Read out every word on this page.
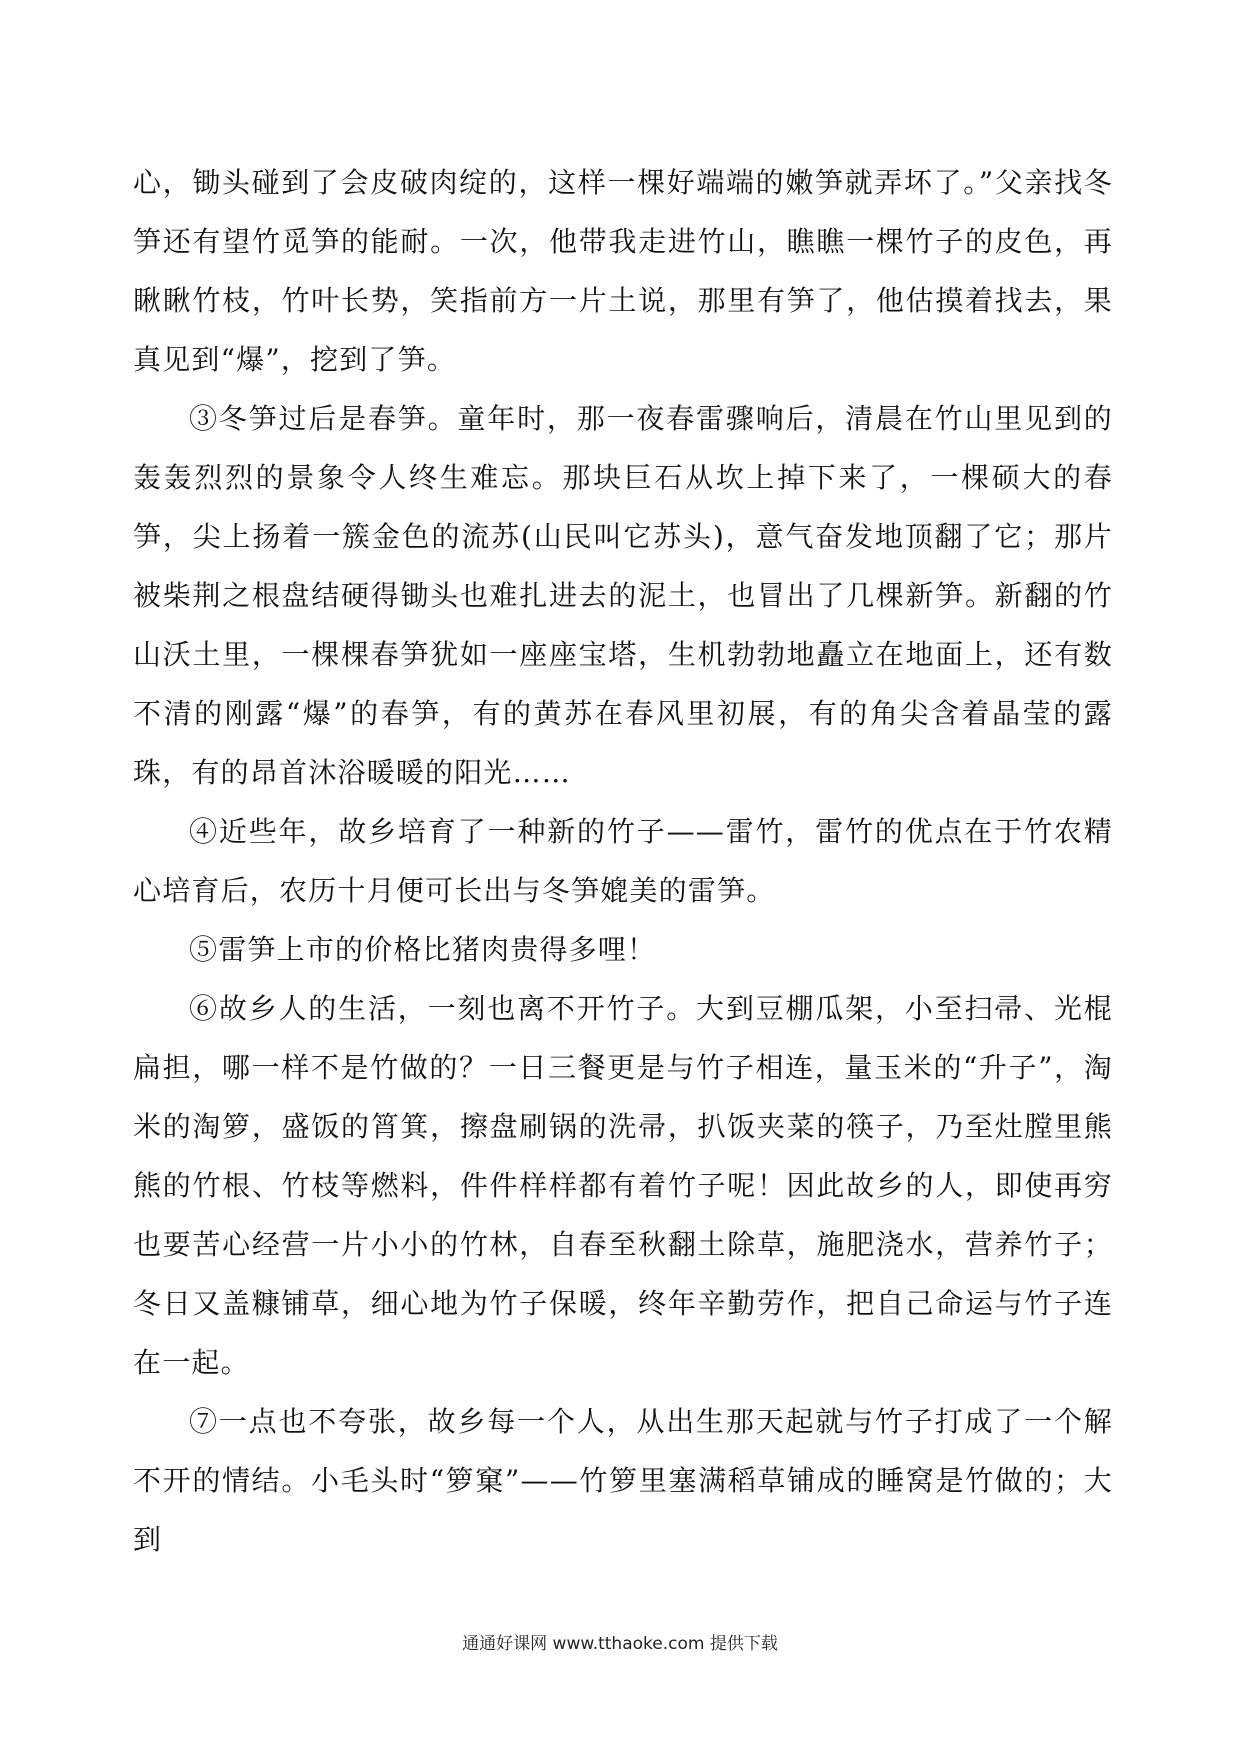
心，锄头碰到了会皮破肉绽的，这样一棵好端端的嫩笋就弄坏了。”父亲找冬笋还有望竹觅笋的能耐。一次，他带我走进竹山，瞧瞧一棵竹子的皮色，再瞅瞅竹枝，竹叶长势，笑指前方一片土说，那里有笋了，他估摸着找去，果真见到“爆”，挖到了笋。

③冬笋过后是春笋。童年时，那一夜春雷骤响后，清晨在竹山里见到的轰轰烈烈的景象令人终生难忘。那块巨石从坎上掉下来了，一棵硕大的春笋，尖上扬着一簇金色的流苏(山民叫它苏头)，意气奋发地顶翻了它；那片被柴荆之根盘结硬得锄头也难扎进去的泥土，也冒出了几棵新笋。新翻的竹山沃土里，一棵棵春笋犹如一座座宝塔，生机勃勃地矗立在地面上，还有数不清的刚露“爆”的春笋，有的黄苏在春风里初展，有的角尖含着晶莹的露珠，有的昂首沐浴暖暖的阳光……

④近些年，故乡培育了一种新的竹子——雷竹，雷竹的优点在于竹农精心培育后，农历十月便可长出与冬笋媲美的雷笋。

⑤雷笋上市的价格比猪肉贵得多哩！

⑥故乡人的生活，一刻也离不开竹子。大到豆棚瓜架，小至扫帚、光棍扁担，哪一样不是竹做的？一日三餐更是与竹子相连，量玉米的“升子”，淘米的淘箩，盛饭的筲箕，擦盘刷锅的洗帚，扒饭夹菜的筷子，乃至灶膛里熊熊的竹根、竹枝等燃料，件件样样都有着竹子呢！因此故乡的人，即使再穷也要苦心经营一片小小的竹林，自春至秋翻土除草，施肥浇水，营养竹子；冬日又盖糠铺草，细心地为竹子保暖，终年辛勤劳作，把自己命运与竹子连在一起。

⑦一点也不夸张，故乡每一个人，从出生那天起就与竹子打成了一个解不开的情结。小毛头时“箩窠”——竹箩里塞满稻草铺成的睡窝是竹做的；大到

通通好课网 www.tthaoke.com 提供下载
